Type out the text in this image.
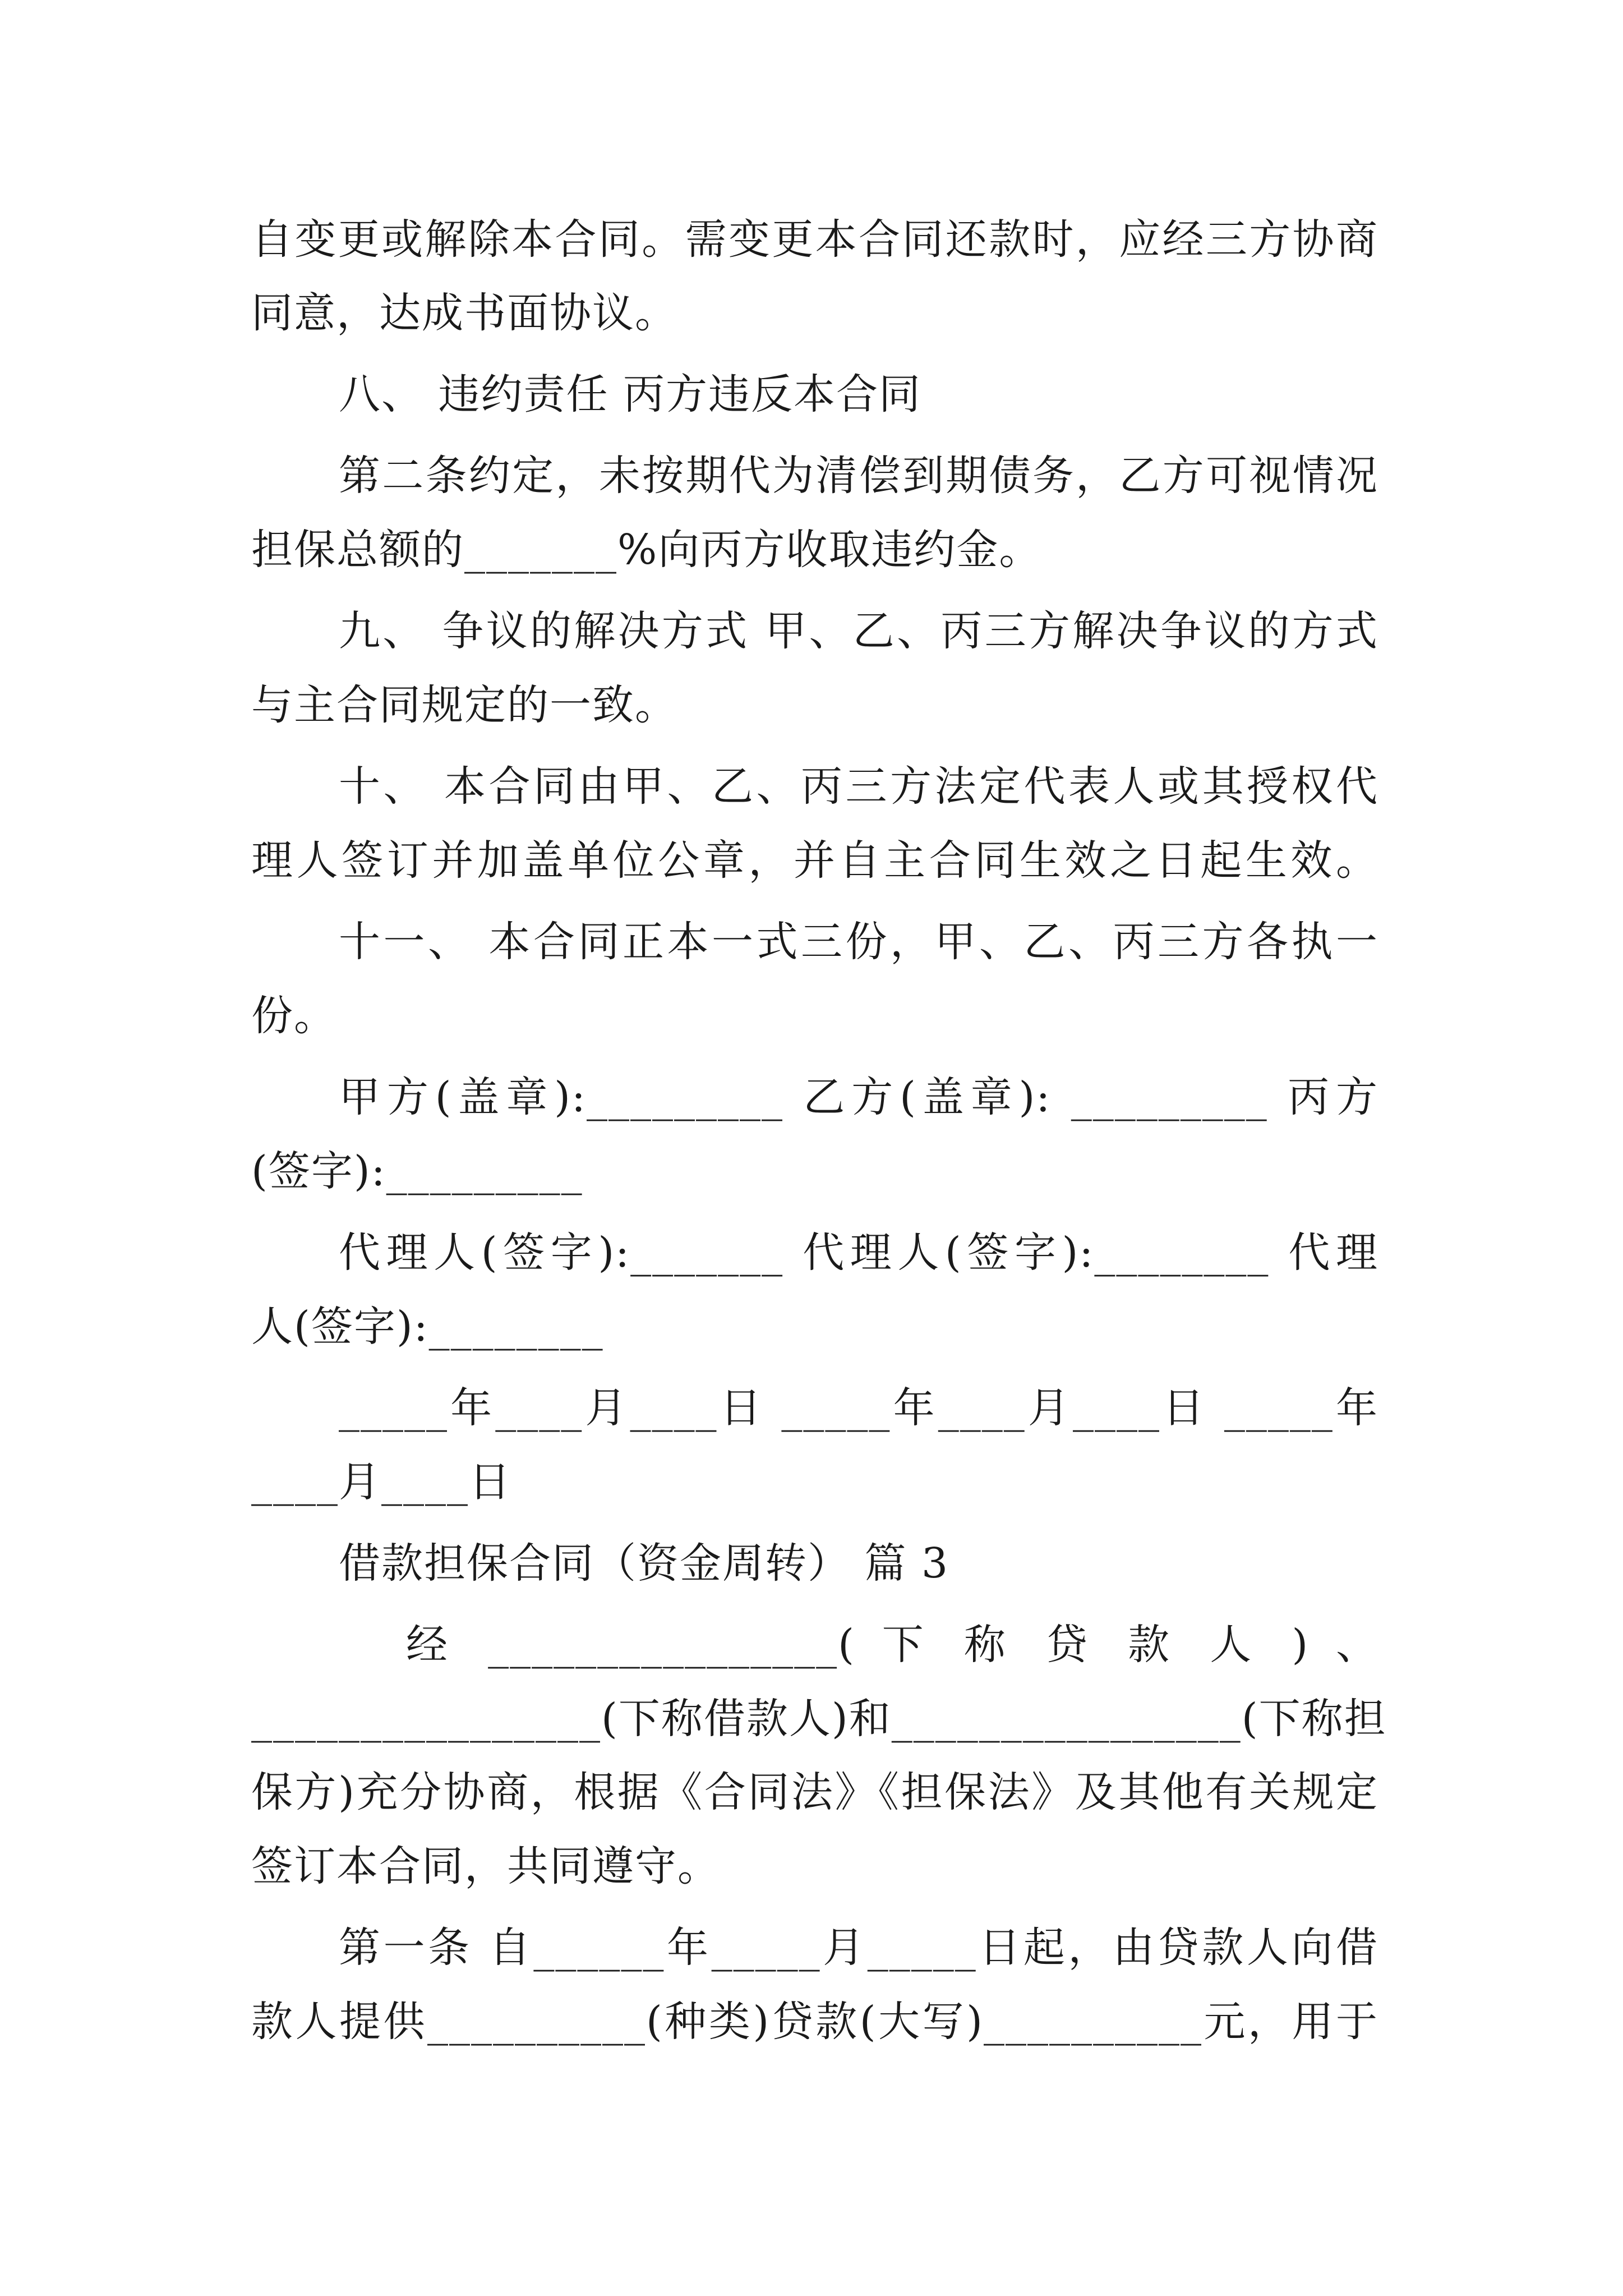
自变更或解除本合同。需变更本合同还款时，应经三方协商
同意，达成书面协议。
八、 违约责任 丙方违反本合同
第二条约定，未按期代为清偿到期债务，乙方可视情况
担保总额的_______%向丙方收取违约金。
九、 争议的解决方式 甲、乙、丙三方解决争议的方式
与主合同规定的一致。
十、 本合同由甲、乙、丙三方法定代表人或其授权代
理人签订并加盖单位公章，并自主合同生效之日起生效。
十一、 本合同正本一式三份，甲、乙、丙三方各执一
份。
甲方(盖章):_________ 乙方(盖章): _________ 丙方
(签字):_________
代理人(签字):_______ 代理人(签字):________ 代理
人(签字):________
_____年____月____日 _____年____月____日 _____年
____月____日
借款担保合同（资金周转） 篇 3
经 ________________( 下 称 贷 款 人 ) 、
________________(下称借款人)和________________(下称担
保方)充分协商，根据《合同法》《担保法》及其他有关规定
签订本合同，共同遵守。
第一条 自______年_____月_____日起，由贷款人向借
款人提供__________(种类)贷款(大写)__________元，用于
